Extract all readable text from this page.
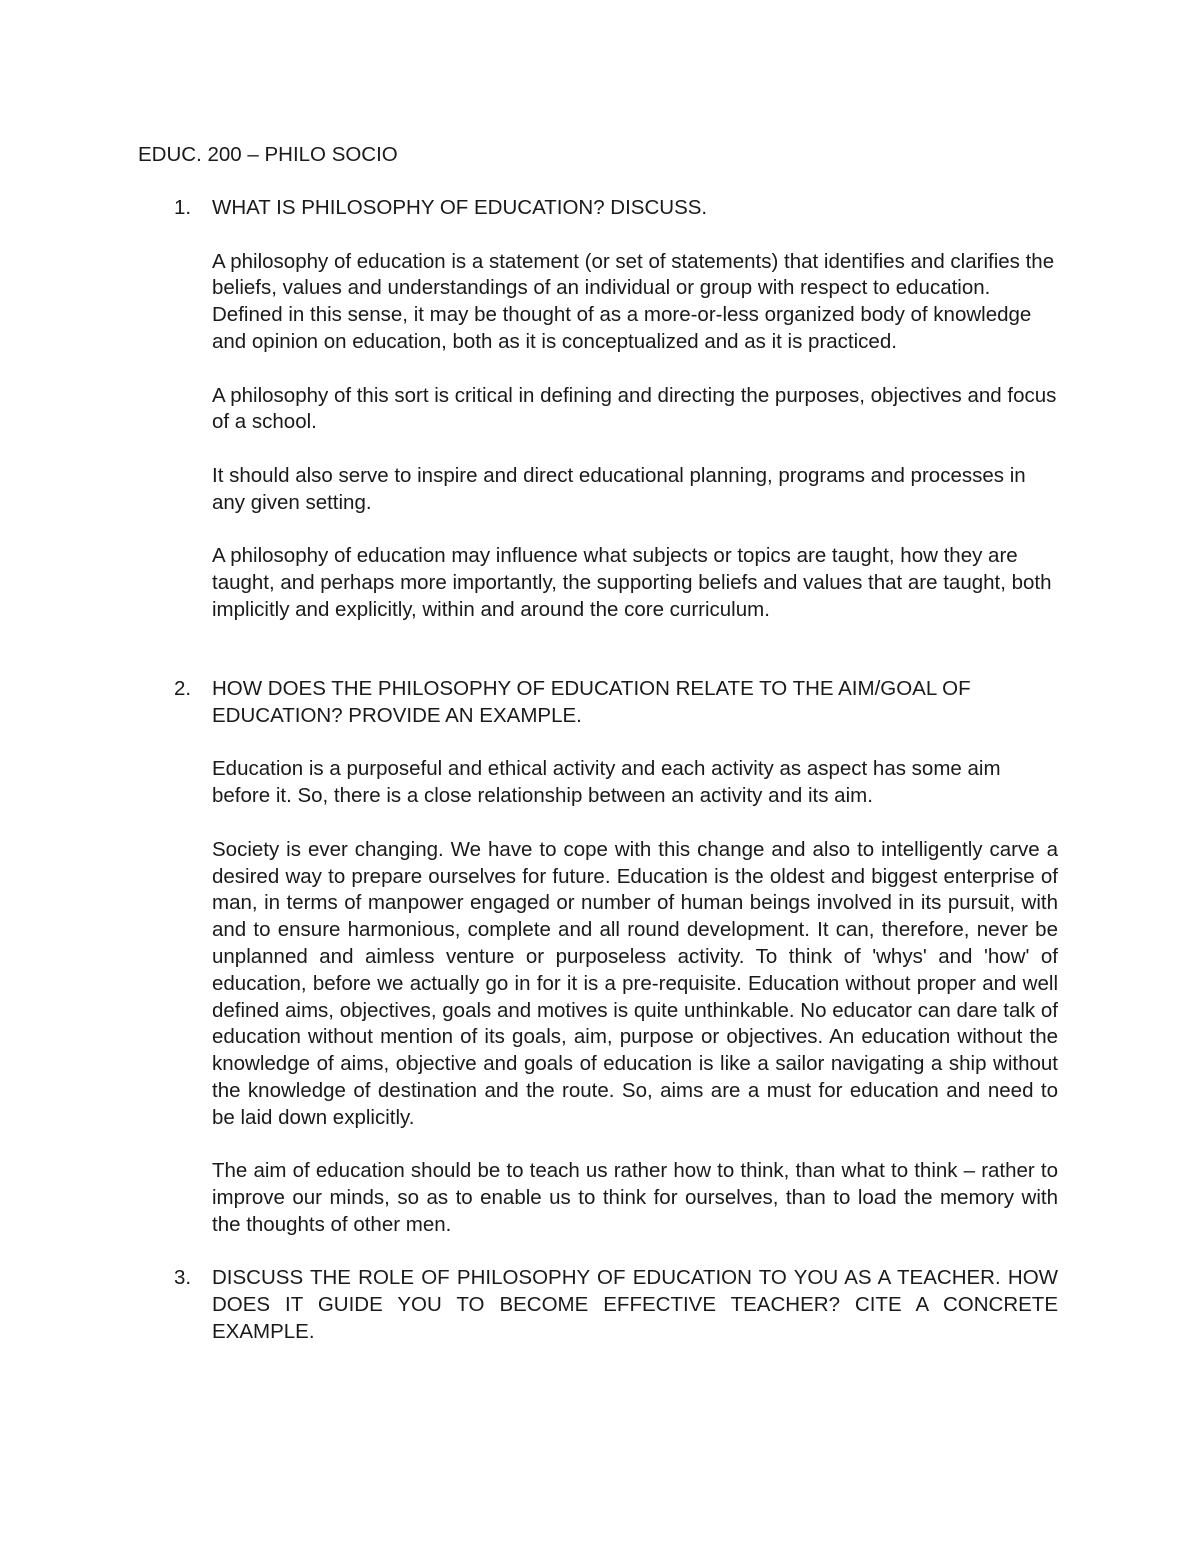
EDUC. 200 – PHILO SOCIO
1. WHAT IS PHILOSOPHY OF EDUCATION? DISCUSS.

A philosophy of education is a statement (or set of statements) that identifies and clarifies the beliefs, values and understandings of an individual or group with respect to education. Defined in this sense, it may be thought of as a more-or-less organized body of knowledge and opinion on education, both as it is conceptualized and as it is practiced.

A philosophy of this sort is critical in defining and directing the purposes, objectives and focus of a school.

It should also serve to inspire and direct educational planning, programs and processes in any given setting.

A philosophy of education may influence what subjects or topics are taught, how they are taught, and perhaps more importantly, the supporting beliefs and values that are taught, both implicitly and explicitly, within and around the core curriculum.

2. HOW DOES THE PHILOSOPHY OF EDUCATION RELATE TO THE AIM/GOAL OF EDUCATION? PROVIDE AN EXAMPLE.

Education is a purposeful and ethical activity and each activity as aspect has some aim before it. So, there is a close relationship between an activity and its aim.

Society is ever changing. We have to cope with this change and also to intelligently carve a desired way to prepare ourselves for future. Education is the oldest and biggest enterprise of man, in terms of manpower engaged or number of human beings involved in its pursuit, with and to ensure harmonious, complete and all round development. It can, therefore, never be unplanned and aimless venture or purposeless activity. To think of 'whys' and 'how' of education, before we actually go in for it is a pre-requisite. Education without proper and well defined aims, objectives, goals and motives is quite unthinkable. No educator can dare talk of education without mention of its goals, aim, purpose or objectives. An education without the knowledge of aims, objective and goals of education is like a sailor navigating a ship without the knowledge of destination and the route. So, aims are a must for education and need to be laid down explicitly.

The aim of education should be to teach us rather how to think, than what to think – rather to improve our minds, so as to enable us to think for ourselves, than to load the memory with the thoughts of other men.

3. DISCUSS THE ROLE OF PHILOSOPHY OF EDUCATION TO YOU AS A TEACHER. HOW DOES IT GUIDE YOU TO BECOME EFFECTIVE TEACHER? CITE A CONCRETE EXAMPLE.
